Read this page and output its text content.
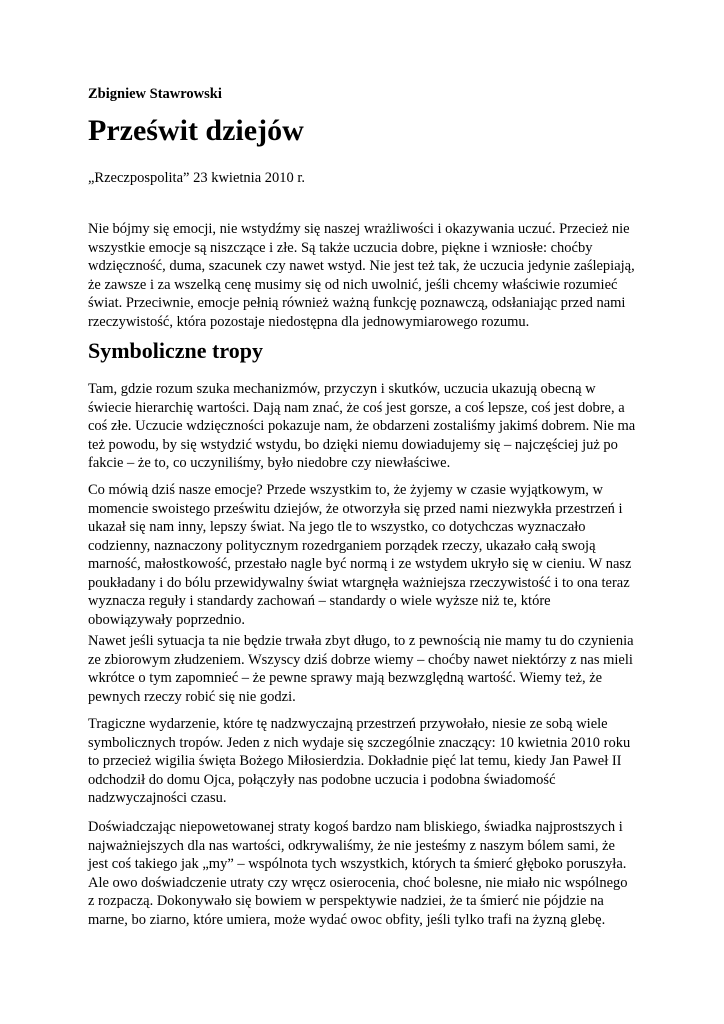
Zbigniew Stawrowski
Prześwit dziejów
„Rzeczpospolita” 23 kwietnia 2010 r.

Nie bójmy się emocji, nie wstydźmy się naszej wrażliwości i okazywania uczuć. Przecież nie
wszystkie emocje są niszczące i złe. Są także uczucia dobre, piękne i wzniosłe: choćby
wdzięczność, duma, szacunek czy nawet wstyd. Nie jest też tak, że uczucia jedynie zaślepiają,
że zawsze i za wszelką cenę musimy się od nich uwolnić, jeśli chcemy właściwie rozumieć
świat. Przeciwnie, emocje pełnią również ważną funkcję poznawczą, odsłaniając przed nami
rzeczywistość, która pozostaje niedostępna dla jednowymiarowego rozumu.

Symboliczne tropy

Tam, gdzie rozum szuka mechanizmów, przyczyn i skutków, uczucia ukazują obecną w
świecie hierarchię wartości. Dają nam znać, że coś jest gorsze, a coś lepsze, coś jest dobre, a
coś złe. Uczucie wdzięczności pokazuje nam, że obdarzeni zostaliśmy jakimś dobrem. Nie ma
też powodu, by się wstydzić wstydu, bo dzięki niemu dowiadujemy się – najczęściej już po
fakcie – że to, co uczyniliśmy, było niedobre czy niewłaściwe.

Co mówią dziś nasze emocje? Przede wszystkim to, że żyjemy w czasie wyjątkowym, w
momencie swoistego prześwitu dziejów, że otworzyła się przed nami niezwykła przestrzeń i
ukazał się nam inny, lepszy świat. Na jego tle to wszystko, co dotychczas wyznaczało
codzienny, naznaczony politycznym rozedrganiem porządek rzeczy, ukazało całą swoją
marność, małostkowość, przestało nagle być normą i ze wstydem ukryło się w cieniu. W nasz
poukładany i do bólu przewidywalny świat wtargnęła ważniejsza rzeczywistość i to ona teraz
wyznacza reguły i standardy zachowań – standardy o wiele wyższe niż te, które
obowiązywały poprzednio.

Nawet jeśli sytuacja ta nie będzie trwała zbyt długo, to z pewnością nie mamy tu do czynienia
ze zbiorowym złudzeniem. Wszyscy dziś dobrze wiemy – choćby nawet niektórzy z nas mieli
wkrótce o tym zapomnieć – że pewne sprawy mają bezwzględną wartość. Wiemy też, że
pewnych rzeczy robić się nie godzi.

Tragiczne wydarzenie, które tę nadzwyczajną przestrzeń przywołało, niesie ze sobą wiele
symbolicznych tropów. Jeden z nich wydaje się szczególnie znaczący: 10 kwietnia 2010 roku
to przecież wigilia święta Bożego Miłosierdzia. Dokładnie pięć lat temu, kiedy Jan Paweł II
odchodził do domu Ojca, połączyły nas podobne uczucia i podobna świadomość
nadzwyczajności czasu.

Doświadczając niepowetowanej straty kogoś bardzo nam bliskiego, świadka najprostszych i
najważniejszych dla nas wartości, odkrywaliśmy, że nie jesteśmy z naszym bólem sami, że
jest coś takiego jak „my” – wspólnota tych wszystkich, których ta śmierć głęboko poruszyła.
Ale owo doświadczenie utraty czy wręcz osierocenia, choć bolesne, nie miało nic wspólnego
z rozpaczą. Dokonywało się bowiem w perspektywie nadziei, że ta śmierć nie pójdzie na
marne, bo ziarno, które umiera, może wydać owoc obfity, jeśli tylko trafi na żyzną glebę.
